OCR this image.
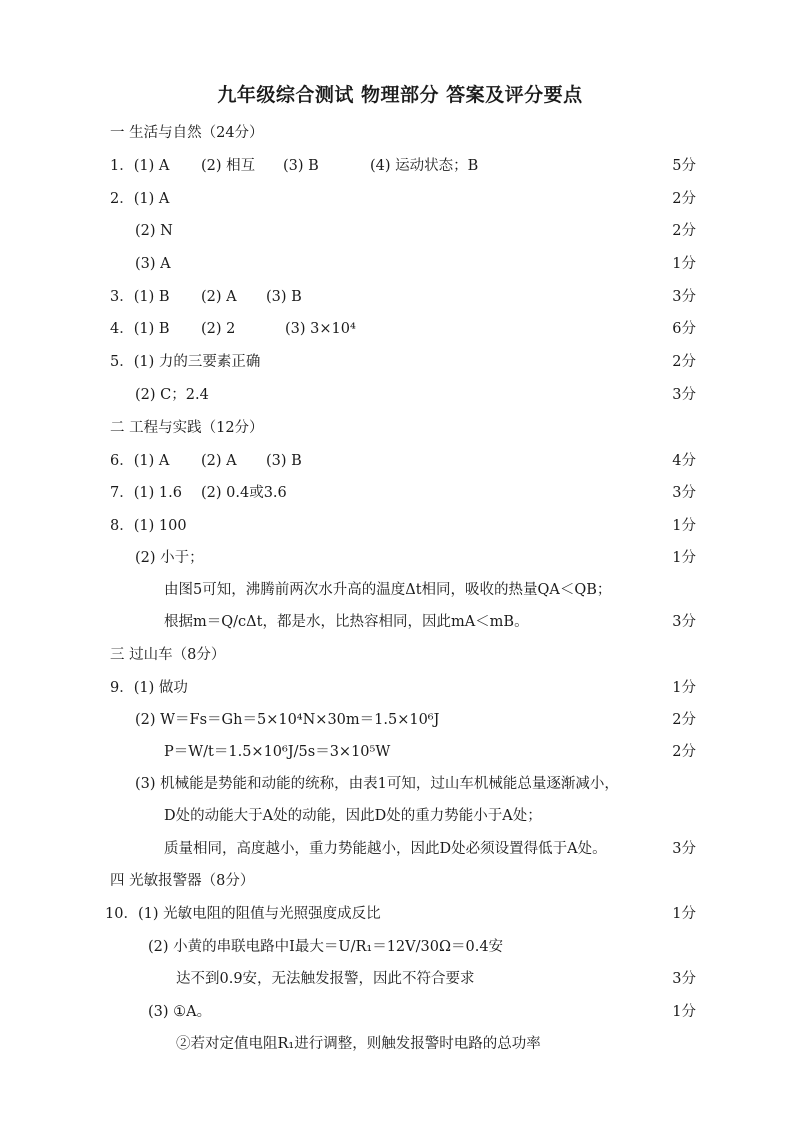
九年级综合测试 物理部分 答案及评分要点
一 生活与自然（24分）
1．(1) A (2) 相互 (3) B	(4) 运动状态；B	5分
2．(1) A	2分
(2) N	2分
(3) A	1分
3．(1) B (2) A (3) B	3分
4．(1) B (2) 2	(3) 3×10⁴	6分
5．(1) 力的三要素正确	2分
(2) C；2.4	3分
二 工程与实践（12分）
6．(1) A (2) A (3) B	4分
7．(1) 1.6 (2) 0.4或3.6	3分
8．(1) 100	1分
(2) 小于；	1分
由图5可知，沸腾前两次水升高的温度Δt相同，吸收的热量QA＜QB；
根据m＝Q/cΔt，都是水，比热容相同，因此mA＜mB。	3分
三 过山车（8分）
9．(1) 做功	1分
(2) W＝Fs＝Gh＝5×10⁴N×30m＝1.5×10⁶J	2分
P＝W/t＝1.5×10⁶J/5s＝3×10⁵W	2分
(3) 机械能是势能和动能的统称，由表1可知，过山车机械能总量逐渐减小，
D处的动能大于A处的动能，因此D处的重力势能小于A处；
质量相同，高度越小，重力势能越小，因此D处必须设置得低于A处。	3分
四 光敏报警器（8分）
10．(1) 光敏电阻的阻值与光照强度成反比	1分
(2) 小黄的串联电路中I最大＝U/R₁＝12V/30Ω＝0.4安
达不到0.9安，无法触发报警，因此不符合要求	3分
(3) ①A。	1分
②若对定值电阻R₁进行调整，则触发报警时电路的总功率
